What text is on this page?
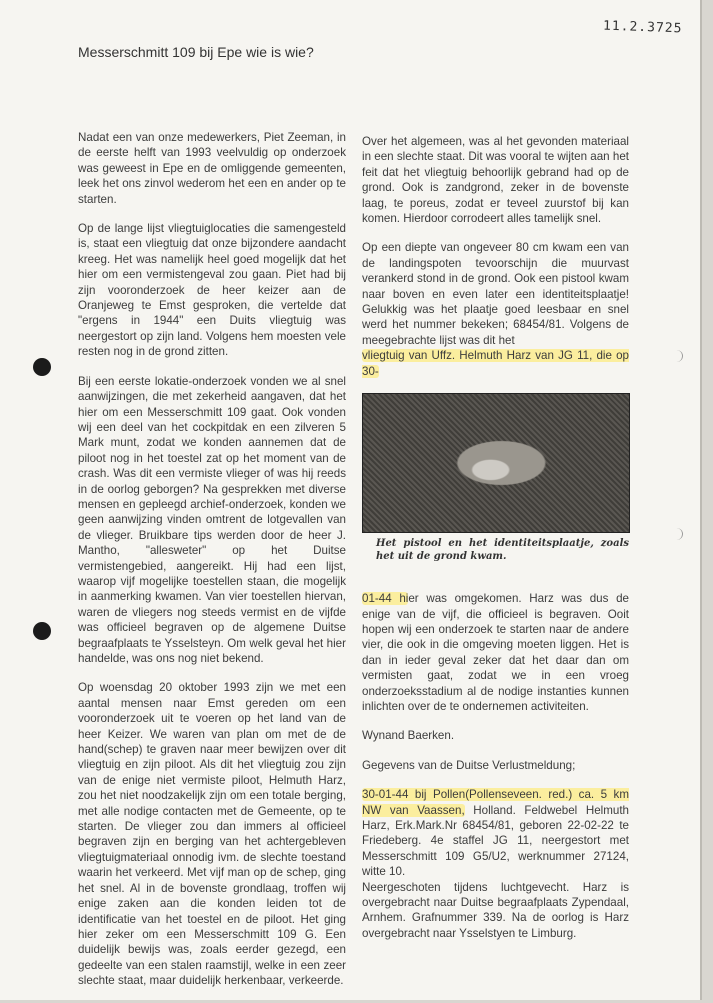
11.2.3725
Messerschmitt 109 bij Epe wie is wie?

Nadat een van onze medewerkers, Piet Zeeman, in de eerste helft van 1993 veelvuldig op onderzoek was geweest in Epe en de omliggende gemeenten, leek het ons zinvol wederom het een en ander op te starten.

Op de lange lijst vliegtuiglocaties die samengesteld is, staat een vliegtuig dat onze bijzondere aandacht kreeg. Het was namelijk heel goed mogelijk dat het hier om een vermistengeval zou gaan. Piet had bij zijn vooronderzoek de heer keizer aan de Oranjeweg te Emst gesproken, die vertelde dat "ergens in 1944" een Duits vliegtuig was neergestort op zijn land. Volgens hem moesten vele resten nog in de grond zitten.

Bij een eerste lokatie-onderzoek vonden we al snel aanwijzingen, die met zekerheid aangaven, dat het hier om een Messerschmitt 109 gaat. Ook vonden wij een deel van het cockpitdak en een zilveren 5 Mark munt, zodat we konden aannemen dat de piloot nog in het toestel zat op het moment van de crash. Was dit een vermiste vlieger of was hij reeds in de oorlog geborgen? Na gesprekken met diverse mensen en gepleegd archief-onderzoek, konden we geen aanwijzing vinden omtrent de lotgevallen van de vlieger. Bruikbare tips werden door de heer J. Mantho, "allesweter" op het Duitse vermistengebied, aangereikt. Hij had een lijst, waarop vijf mogelijke toestellen staan, die mogelijk in aanmerking kwamen. Van vier toestellen hiervan, waren de vliegers nog steeds vermist en de vijfde was officieel begraven op de algemene Duitse begraafplaats te Ysselsteyn. Om welk geval het hier handelde, was ons nog niet bekend.

Op woensdag 20 oktober 1993 zijn we met een aantal mensen naar Emst gereden om een vooronderzoek uit te voeren op het land van de heer Keizer. We waren van plan om met de de hand(schep) te graven naar meer bewijzen over dit vliegtuig en zijn piloot. Als dit het vliegtuig zou zijn van de enige niet vermiste piloot, Helmuth Harz, zou het niet noodzakelijk zijn om een totale berging, met alle nodige contacten met de Gemeente, op te starten. De vlieger zou dan immers al officieel begraven zijn en berging van het achtergebleven vliegtuigmateriaal onnodig ivm. de slechte toestand waarin het verkeerd. Met vijf man op de schep, ging het snel. Al in de bovenste grondlaag, troffen wij enige zaken aan die konden leiden tot de identificatie van het toestel en de piloot. Het ging hier zeker om een Messerschmitt 109 G. Een duidelijk bewijs was, zoals eerder gezegd, een gedeelte van een stalen raamstijl, welke in een zeer slechte staat, maar duidelijk herkenbaar, verkeerde.

Over het algemeen, was al het gevonden materiaal in een slechte staat. Dit was vooral te wijten aan het feit dat het vliegtuig behoorlijk gebrand had op de grond. Ook is zandgrond, zeker in de bovenste laag, te poreus, zodat er teveel zuurstof bij kan komen. Hierdoor corrodeert alles tamelijk snel.

Op een diepte van ongeveer 80 cm kwam een van de landingspoten tevoorschijn die muurvast verankerd stond in de grond. Ook een pistool kwam naar boven en even later een identiteitsplaatje! Gelukkig was het plaatje goed leesbaar en snel werd het nummer bekeken; 68454/81. Volgens de meegebrachte lijst was dit het
vliegtuig van Uffz. Helmuth Harz van JG 11, die op 30-

Het pistool en het identiteitsplaatje, zoals het uit de grond kwam.

01-44 hier was omgekomen. Harz was dus de enige van de vijf, die officieel is begraven. Ooit hopen wij een onderzoek te starten naar de andere vier, die ook in die omgeving moeten liggen. Het is dan in ieder geval zeker dat het daar dan om vermisten gaat, zodat we in een vroeg onderzoeksstadium al de nodige instanties kunnen inlichten over de te ondernemen activiteiten.

Wynand Baerken.

Gegevens van de Duitse Verlustmeldung;

30-01-44 bij Pollen(Pollenseveen. red.) ca. 5 km NW van Vaassen, Holland. Feldwebel Helmuth Harz, Erk.Mark.Nr 68454/81, geboren 22-02-22 te Friedeberg. 4e staffel JG 11, neergestort met Messerschmitt 109 G5/U2, werknummer 27124, witte 10.
Neergeschoten tijdens luchtgevecht. Harz is overgebracht naar Duitse begraafplaats Zypendaal, Arnhem. Grafnummer 339. Na de oorlog is Harz overgebracht naar Ysselstyen te Limburg.
